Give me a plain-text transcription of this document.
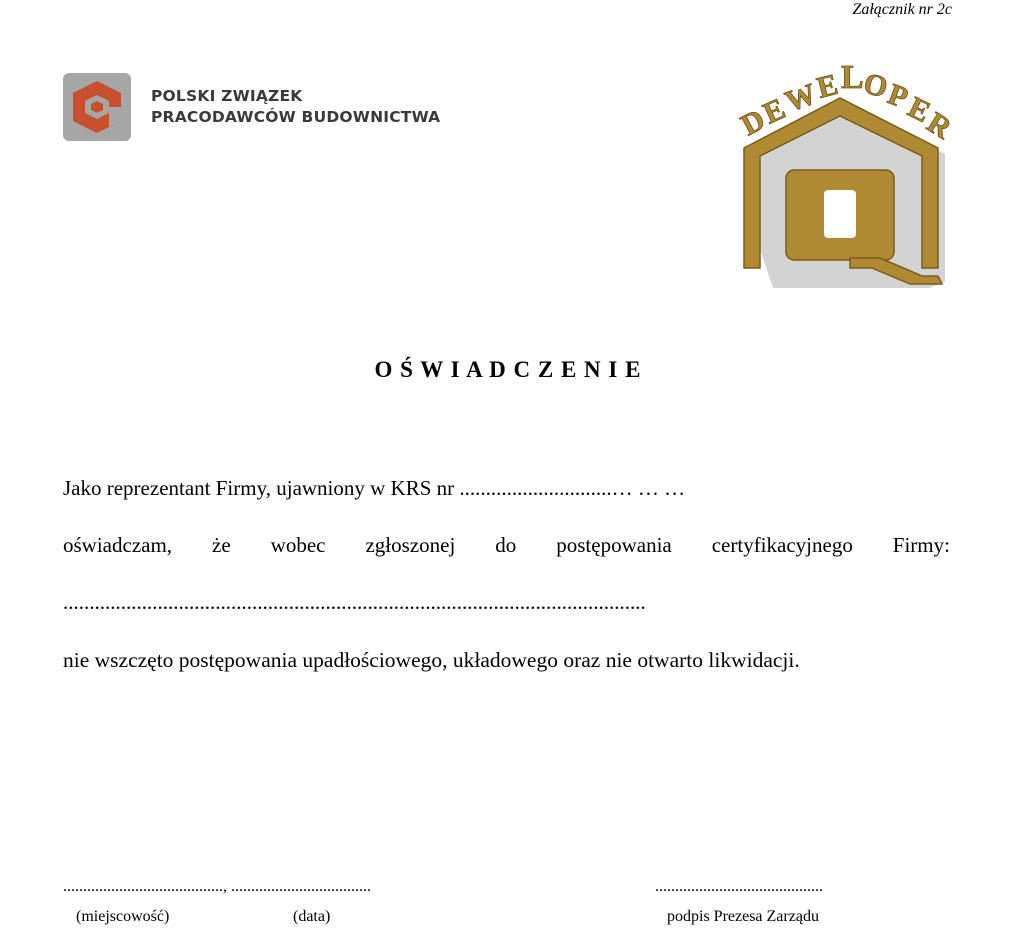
Załącznik nr 2c
POLSKI ZWIĄZEK
PRACODAWCÓW BUDOWNICTWA	D
E
W
E L
O
P
E
R
O Ś W I A D C Z E N I E
Jako reprezentant Firmy, ujawniony w KRS nr .............................… … …
oświadczam, że wobec zgłoszonej do postępowania certyfikacyjnego Firmy:
...............................................................................................................
nie wszczęto postępowania upadłościowego, układowego oraz nie otwarto likwidacji.
........................................, ...................................	..........................................
(miejscowość)	(data)	podpis Prezesa Zarządu
